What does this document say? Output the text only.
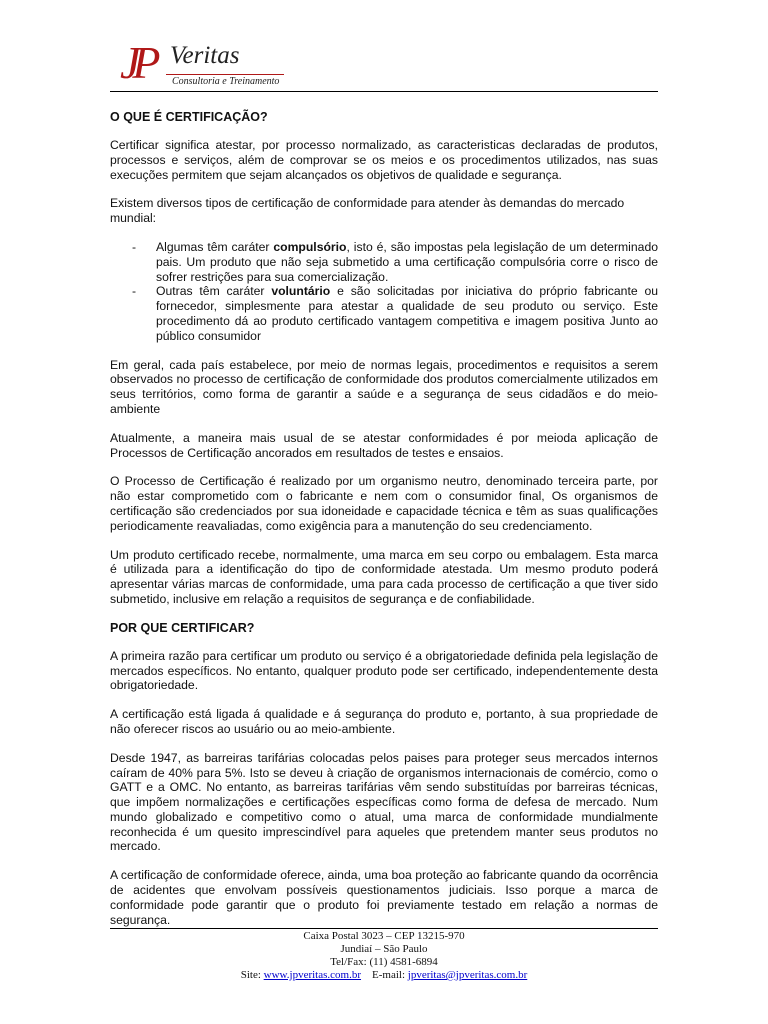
JP Veritas
Consultoria e Treinamento
O QUE É CERTIFICAÇÃO?

Certificar significa atestar, por processo normalizado, as caracteristicas declaradas de produtos, processos e serviços, além de comprovar se os meios e os procedimentos utilizados, nas suas execuções permitem que sejam alcançados os objetivos de qualidade e segurança.

Existem diversos tipos de certificação de conformidade para atender às demandas do mercado mundial:

- Algumas têm caráter compulsório, isto é, são impostas pela legislação de um determinado pais. Um produto que não seja submetido a uma certificação compulsória corre o risco de sofrer restrições para sua comercialização.
- Outras têm caráter voluntário e são solicitadas por iniciativa do próprio fabricante ou fornecedor, simplesmente para atestar a qualidade de seu produto ou serviço. Este procedimento dá ao produto certificado vantagem competitiva e imagem positiva Junto ao público consumidor

Em geral, cada país estabelece, por meio de normas legais, procedimentos e requisitos a serem observados no processo de certificação de conformidade dos produtos comercialmente utilizados em seus territórios, como forma de garantir a saúde e a segurança de seus cidadãos e do meio-ambiente

Atualmente, a maneira mais usual de se atestar conformidades é por meioda aplicação de Processos de Certificação ancorados em resultados de testes e ensaios.

O Processo de Certificação é realizado por um organismo neutro, denominado terceira parte, por não estar comprometido com o fabricante e nem com o consumidor final, Os organismos de certificação são credenciados por sua idoneidade e capacidade técnica e têm as suas qualificações periodicamente reavaliadas, como exigência para a manutenção do seu credenciamento.

Um produto certificado recebe, normalmente, uma marca em seu corpo ou embalagem. Esta marca é utilizada para a identificação do tipo de conformidade atestada. Um mesmo produto poderá apresentar várias marcas de conformidade, uma para cada processo de certificação a que tiver sido submetido, inclusive em relação a requisitos de segurança e de confiabilidade.

POR QUE CERTIFICAR?

A primeira razão para certificar um produto ou serviço é a obrigatoriedade definida pela legislação de mercados específicos. No entanto, qualquer produto pode ser certificado, independentemente desta obrigatoriedade.

A certificação está ligada á qualidade e á segurança do produto e, portanto, à sua propriedade de não oferecer riscos ao usuário ou ao meio-ambiente.

Desde 1947, as barreiras tarifárias colocadas pelos paises para proteger seus mercados internos caíram de 40% para 5%. Isto se deveu à criação de organismos internacionais de comércio, como o GATT e a OMC. No entanto, as barreiras tarifárias vêm sendo substituídas por barreiras técnicas, que impõem normalizações e certificações específicas como forma de defesa de mercado. Num mundo globalizado e competitivo como o atual, uma marca de conformidade mundialmente reconhecida é um quesito imprescindível para aqueles que pretendem manter seus produtos no mercado.

A certificação de conformidade oferece, ainda, uma boa proteção ao fabricante quando da ocorrência de acidentes que envolvam possíveis questionamentos judiciais. Isso porque a marca de conformidade pode garantir que o produto foi previamente testado em relação a normas de segurança.

Caixa Postal 3023 – CEP 13215-970
Jundiaí – São Paulo
Tel/Fax: (11) 4581-6894
Site: www.jpveritas.com.br E-mail: jpveritas@jpveritas.com.br
